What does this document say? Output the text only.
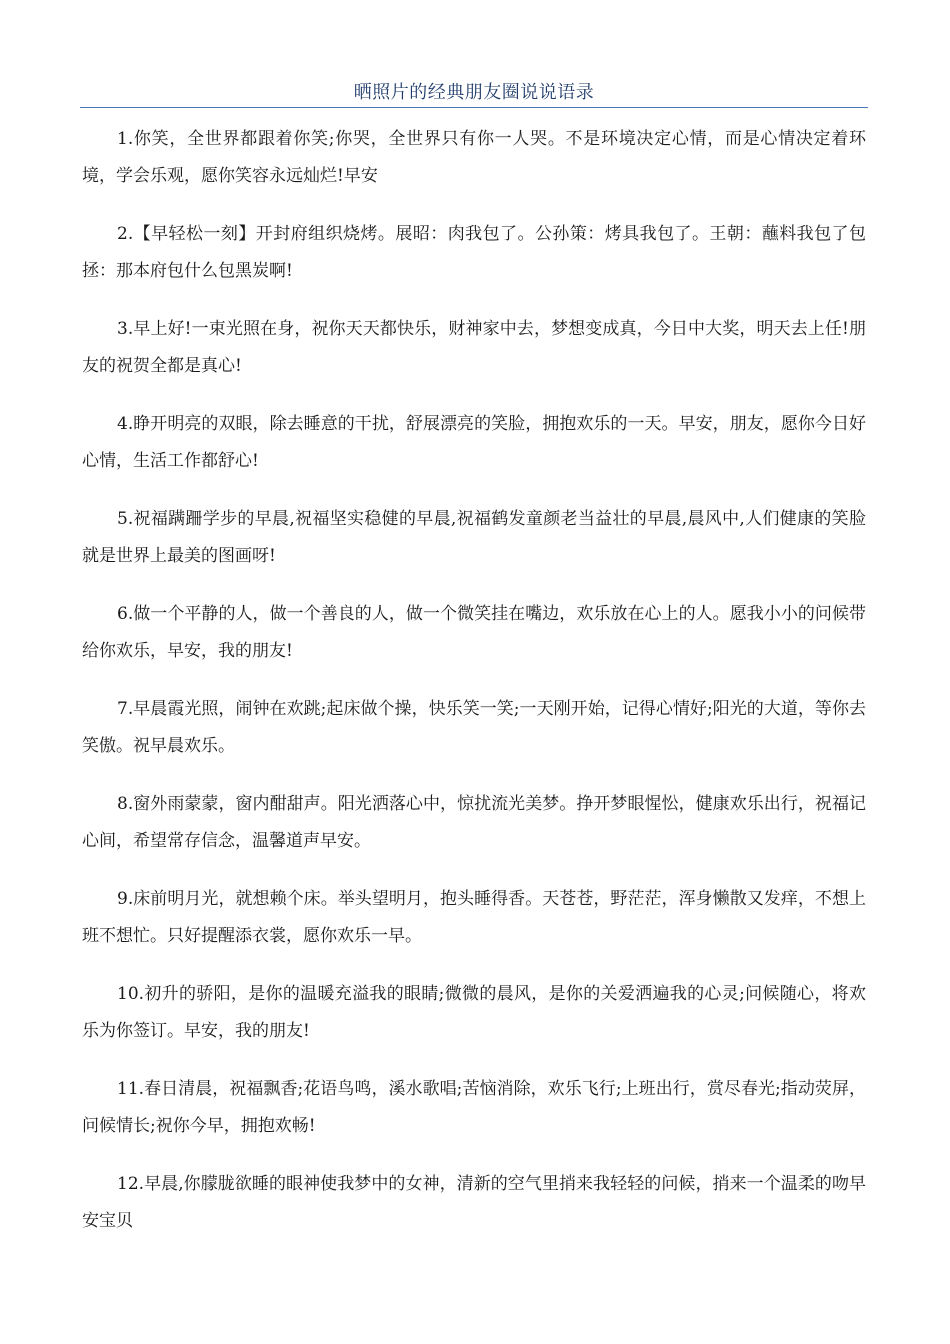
晒照片的经典朋友圈说说语录

1.你笑，全世界都跟着你笑;你哭，全世界只有你一人哭。不是环境决定心情，而是心情决定着环境，学会乐观，愿你笑容永远灿烂!早安

2.【早轻松一刻】开封府组织烧烤。展昭：肉我包了。公孙策：烤具我包了。王朝：蘸料我包了包拯：那本府包什么包黑炭啊!

3.早上好!一束光照在身，祝你天天都快乐，财神家中去，梦想变成真，今日中大奖，明天去上任!朋友的祝贺全都是真心!

4.睁开明亮的双眼，除去睡意的干扰，舒展漂亮的笑脸，拥抱欢乐的一天。早安，朋友，愿你今日好心情，生活工作都舒心!

5.祝福蹒跚学步的早晨,祝福坚实稳健的早晨,祝福鹤发童颜老当益壮的早晨,晨风中,人们健康的笑脸就是世界上最美的图画呀!

6.做一个平静的人，做一个善良的人，做一个微笑挂在嘴边，欢乐放在心上的人。愿我小小的问候带给你欢乐，早安，我的朋友!

7.早晨霞光照，闹钟在欢跳;起床做个操，快乐笑一笑;一天刚开始，记得心情好;阳光的大道，等你去笑傲。祝早晨欢乐。

8.窗外雨蒙蒙，窗内酣甜声。阳光洒落心中，惊扰流光美梦。挣开梦眼惺忪，健康欢乐出行，祝福记心间，希望常存信念，温馨道声早安。

9.床前明月光，就想赖个床。举头望明月，抱头睡得香。天苍苍，野茫茫，浑身懒散又发痒，不想上班不想忙。只好提醒添衣裳，愿你欢乐一早。

10.初升的骄阳，是你的温暖充溢我的眼睛;微微的晨风，是你的关爱洒遍我的心灵;问候随心，将欢乐为你签订。早安，我的朋友!

11.春日清晨，祝福飘香;花语鸟鸣，溪水歌唱;苦恼消除，欢乐飞行;上班出行，赏尽春光;指动荧屏，问候情长;祝你今早，拥抱欢畅!

12.早晨,你朦胧欲睡的眼神使我梦中的女神，清新的空气里捎来我轻轻的问候，捎来一个温柔的吻早安宝贝
